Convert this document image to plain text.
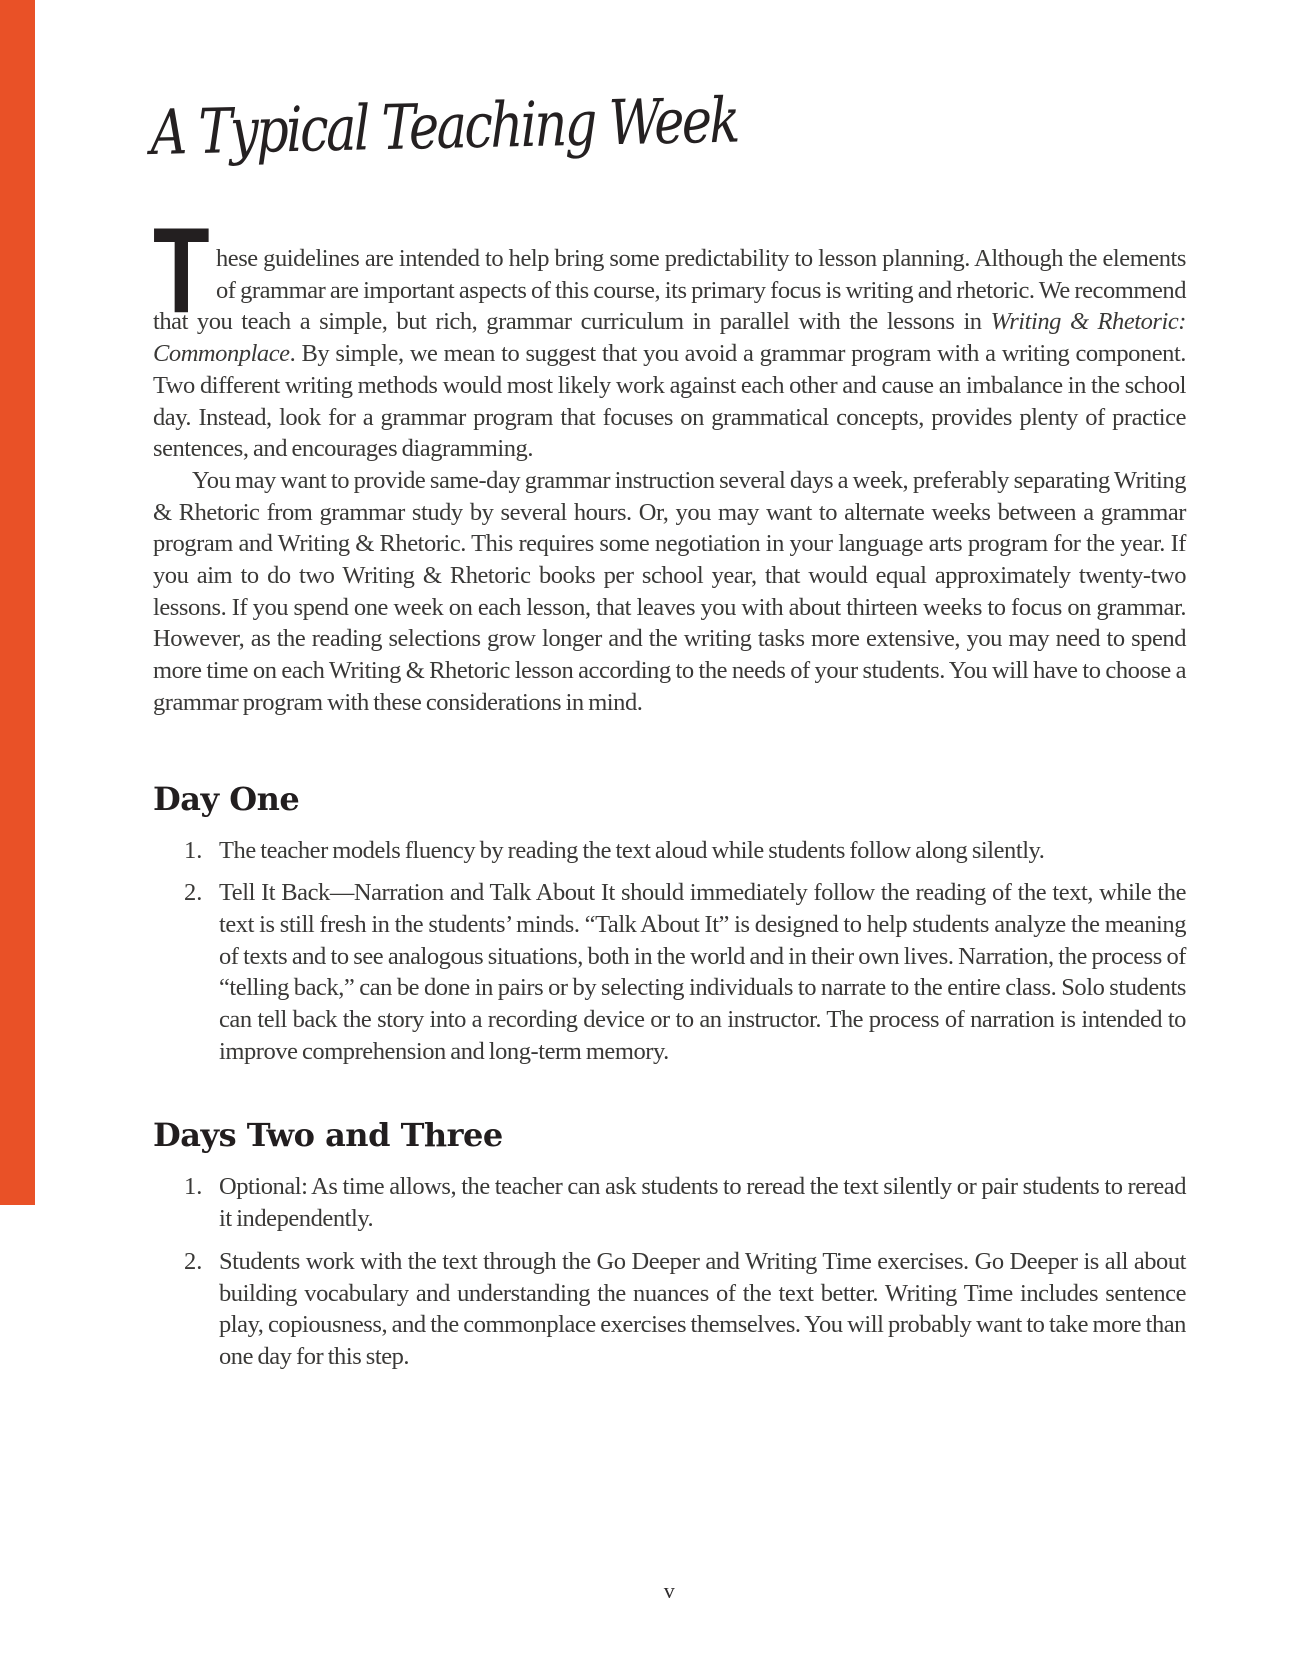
A Typical Teaching Week

T hese guidelines are intended to help bring some predictability to lesson planning. Although the elements of grammar are important aspects of this course, its primary focus is writing and rhetoric. We recommend that you teach a simple, but rich, grammar curriculum in parallel with the lessons in Writing & Rhetoric: Commonplace. By simple, we mean to suggest that you avoid a grammar program with a writing component. Two different writing methods would most likely work against each other and cause an imbalance in the school day. Instead, look for a grammar program that focuses on grammatical concepts, provides plenty of practice sentences, and encourages diagramming.

You may want to provide same-day grammar instruction several days a week, preferably separating Writing & Rhetoric from grammar study by several hours. Or, you may want to alternate weeks between a grammar program and Writing & Rhetoric. This requires some negotiation in your language arts program for the year. If you aim to do two Writing & Rhetoric books per school year, that would equal approximately twenty-two lessons. If you spend one week on each lesson, that leaves you with about thirteen weeks to focus on grammar. However, as the reading selections grow longer and the writing tasks more extensive, you may need to spend more time on each Writing & Rhetoric lesson according to the needs of your students. You will have to choose a grammar program with these considerations in mind.

Day One
1. The teacher models fluency by reading the text aloud while students follow along silently.
2. Tell It Back—Narration and Talk About It should immediately follow the reading of the text, while the text is still fresh in the students’ minds. “Talk About It” is designed to help students analyze the meaning of texts and to see analogous situations, both in the world and in their own lives. Narration, the process of “telling back,” can be done in pairs or by selecting individuals to narrate to the entire class. Solo students can tell back the story into a recording device or to an instructor. The process of narration is intended to improve comprehension and long-term memory.
Days Two and Three
1. Optional: As time allows, the teacher can ask students to reread the text silently or pair students to reread it independently.
2. Students work with the text through the Go Deeper and Writing Time exercises. Go Deeper is all about building vocabulary and understanding the nuances of the text better. Writing Time includes sentence play, copiousness, and the commonplace exercises themselves. You will probably want to take more than one day for this step.
v
